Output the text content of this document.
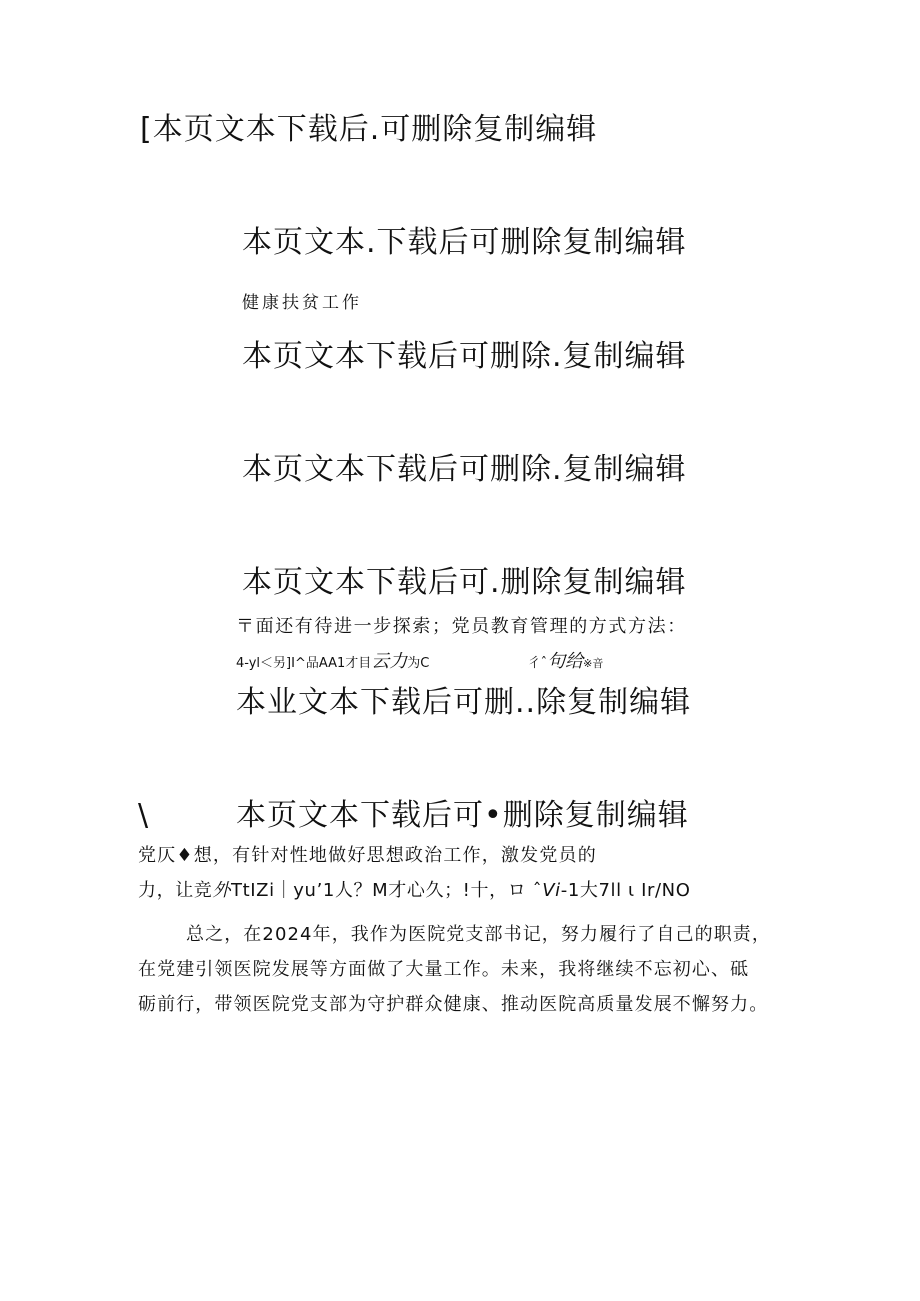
[本页文本下载后.可删除复制编辑
本页文本.下载后可删除复制编辑
健康扶贫工作
本页文本下载后可删除.复制编辑
本页文本下载后可删除.复制编辑
本页文本下载后可.删除复制编辑
〒面还有待进一步探索；党员教育管理的方式方法：
4-yl＜另]I^品AA1才目云力为C	彳ˆ句给※音
本业文本下载后可删..除复制编辑
\	本页文本下载后可•删除复制编辑
党仄♦想，有针对性地做好思想政治工作，激发党员的
力，让竞外TtIZi｜yu’1人？M才心久；!十，ロ ˆVi-1大7ll ι Ir/NO
总之，在2024年，我作为医院党支部书记，努力履行了自己的职责，
在党建引领医院发展等方面做了大量工作。未来，我将继续不忘初心、砥
砺前行，带领医院党支部为守护群众健康、推动医院高质量发展不懈努力。
